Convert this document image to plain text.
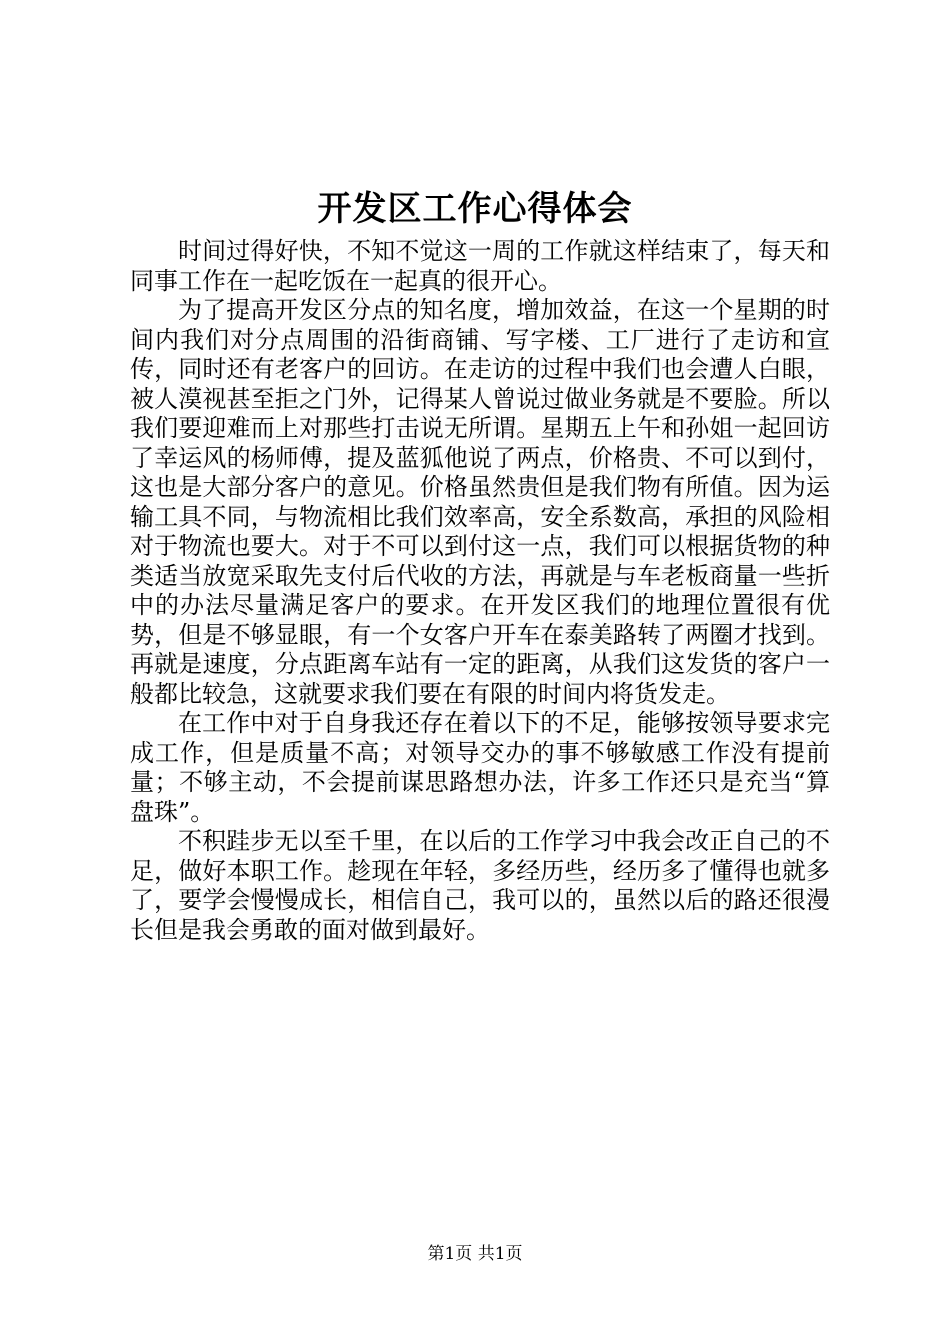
开发区工作心得体会

时间过得好快，不知不觉这一周的工作就这样结束了，每天和同事工作在一起吃饭在一起真的很开心。

为了提高开发区分点的知名度，增加效益，在这一个星期的时间内我们对分点周围的沿街商铺、写字楼、工厂进行了走访和宣传，同时还有老客户的回访。在走访的过程中我们也会遭人白眼，被人漠视甚至拒之门外，记得某人曾说过做业务就是不要脸。所以我们要迎难而上对那些打击说无所谓。星期五上午和孙姐一起回访了幸运风的杨师傅，提及蓝狐他说了两点，价格贵、不可以到付，这也是大部分客户的意见。价格虽然贵但是我们物有所值。因为运输工具不同，与物流相比我们效率高，安全系数高，承担的风险相对于物流也要大。对于不可以到付这一点，我们可以根据货物的种类适当放宽采取先支付后代收的方法，再就是与车老板商量一些折中的办法尽量满足客户的要求。在开发区我们的地理位置很有优势，但是不够显眼，有一个女客户开车在泰美路转了两圈才找到。再就是速度，分点距离车站有一定的距离，从我们这发货的客户一般都比较急，这就要求我们要在有限的时间内将货发走。

在工作中对于自身我还存在着以下的不足，能够按领导要求完成工作，但是质量不高；对领导交办的事不够敏感工作没有提前量；不够主动，不会提前谋思路想办法，许多工作还只是充当“算盘珠”。

不积跬步无以至千里，在以后的工作学习中我会改正自己的不足，做好本职工作。趁现在年轻，多经历些，经历多了懂得也就多了，要学会慢慢成长，相信自己，我可以的，虽然以后的路还很漫长但是我会勇敢的面对做到最好。

第1页 共1页
